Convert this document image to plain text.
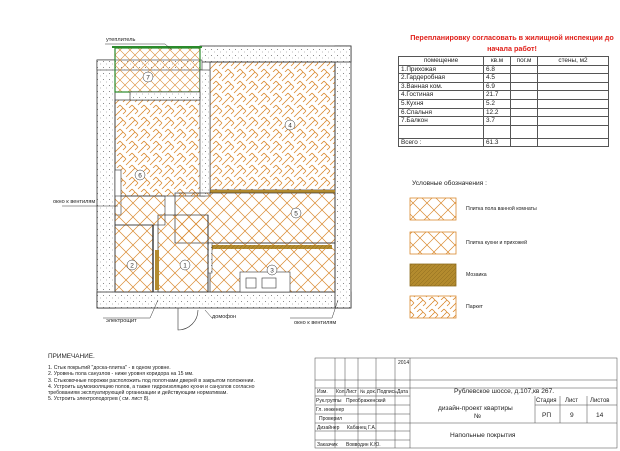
7
4
6
5
1
2
3
Перепланировку согласовать в жилищной инспекции до начала работ!
помещение	кв.м	пог.м	стены, м2
1.Прихожая	6.8		
2.Гардеробная	4.5		
3.Ванная ком.	6.9		
4.Гостиная	21.7		
5.Кухня	5.2		
6.Спальня	12.2		
7.Балкон	3.7		

Всего :	61.3		
Условные обозначения :
Плитка пола ванной комнаты
Плитка кухни и прихожей
Мозаика
Паркет
утеплитель
окно к вентилям
окно к вентилям
электрощит
домофон
ПРИМЕЧАНИЕ.
1. Стык покрытий "доска-плитка" - в одном уровне.
2. Уровень пола санузлов - ниже уровня коридора на 15 мм.
3. Стыковочные порожки расположить под полотнами дверей в закрытом положении.
4. Устроить шумоизоляцию полов, а также гидроизоляцию кухни и санузлов согласно
требованиям эксплуатирующей организации и действующим нормативам.
5. Устроить электроподогрев ( см. лист 8).
2014
Изм. Кол. Лист № док. Подпись Дата
Рук.группы Преображенский
Гл. инженер
Проверил
Дизайнер Кабанец Г.А.
Заказчик Вовводин К.Ю.
Рублевское шоссе, д.107,кв 267.
дизайн-проект квартиры
№
Стадия Лист Листов
РП	9	14
Напольные покрытия
